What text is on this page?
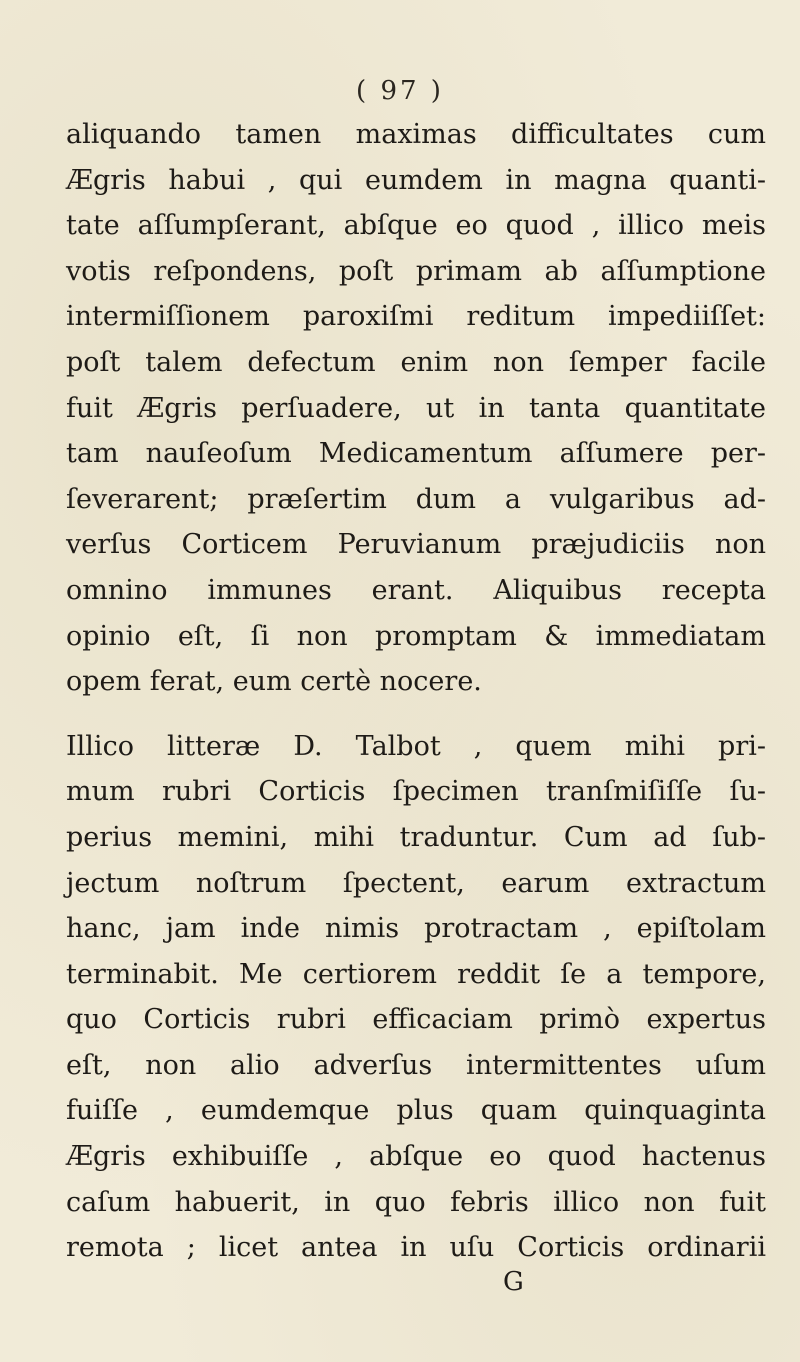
( 97 )
aliquando tamen maximas difficultates cum
Ægris habui , qui eumdem in magna quanti-
tate aſſumpſerant, abſque eo quod , illico meis
votis reſpondens, poſt primam ab aſſumptione
intermiſſionem paroxiſmi reditum impediiſſet:
poſt talem defectum enim non ſemper facile
fuit Ægris perſuadere, ut in tanta quantitate
tam nauſeoſum Medicamentum aſſumere per-
ſeverarent; præſertim dum a vulgaribus ad-
verſus Corticem Peruvianum præjudiciis non
omnino immunes erant. Aliquibus recepta
opinio eſt, ſi non promptam & immediatam
opem ferat, eum certè nocere.
Illico litteræ D. Talbot , quem mihi pri-
mum rubri Corticis ſpecimen tranſmiſiſſe ſu-
perius memini, mihi traduntur. Cum ad ſub-
jectum noſtrum ſpectent, earum extractum
hanc, jam inde nimis protractam , epiſtolam
terminabit. Me certiorem reddit ſe a tempore,
quo Corticis rubri efficaciam primò expertus
eſt, non alio adverſus intermittentes uſum
fuiſſe , eumdemque plus quam quinquaginta
Ægris exhibuiſſe , abſque eo quod hactenus
caſum habuerit, in quo febris illico non fuit
remota ; licet antea in uſu Corticis ordinarii
G
